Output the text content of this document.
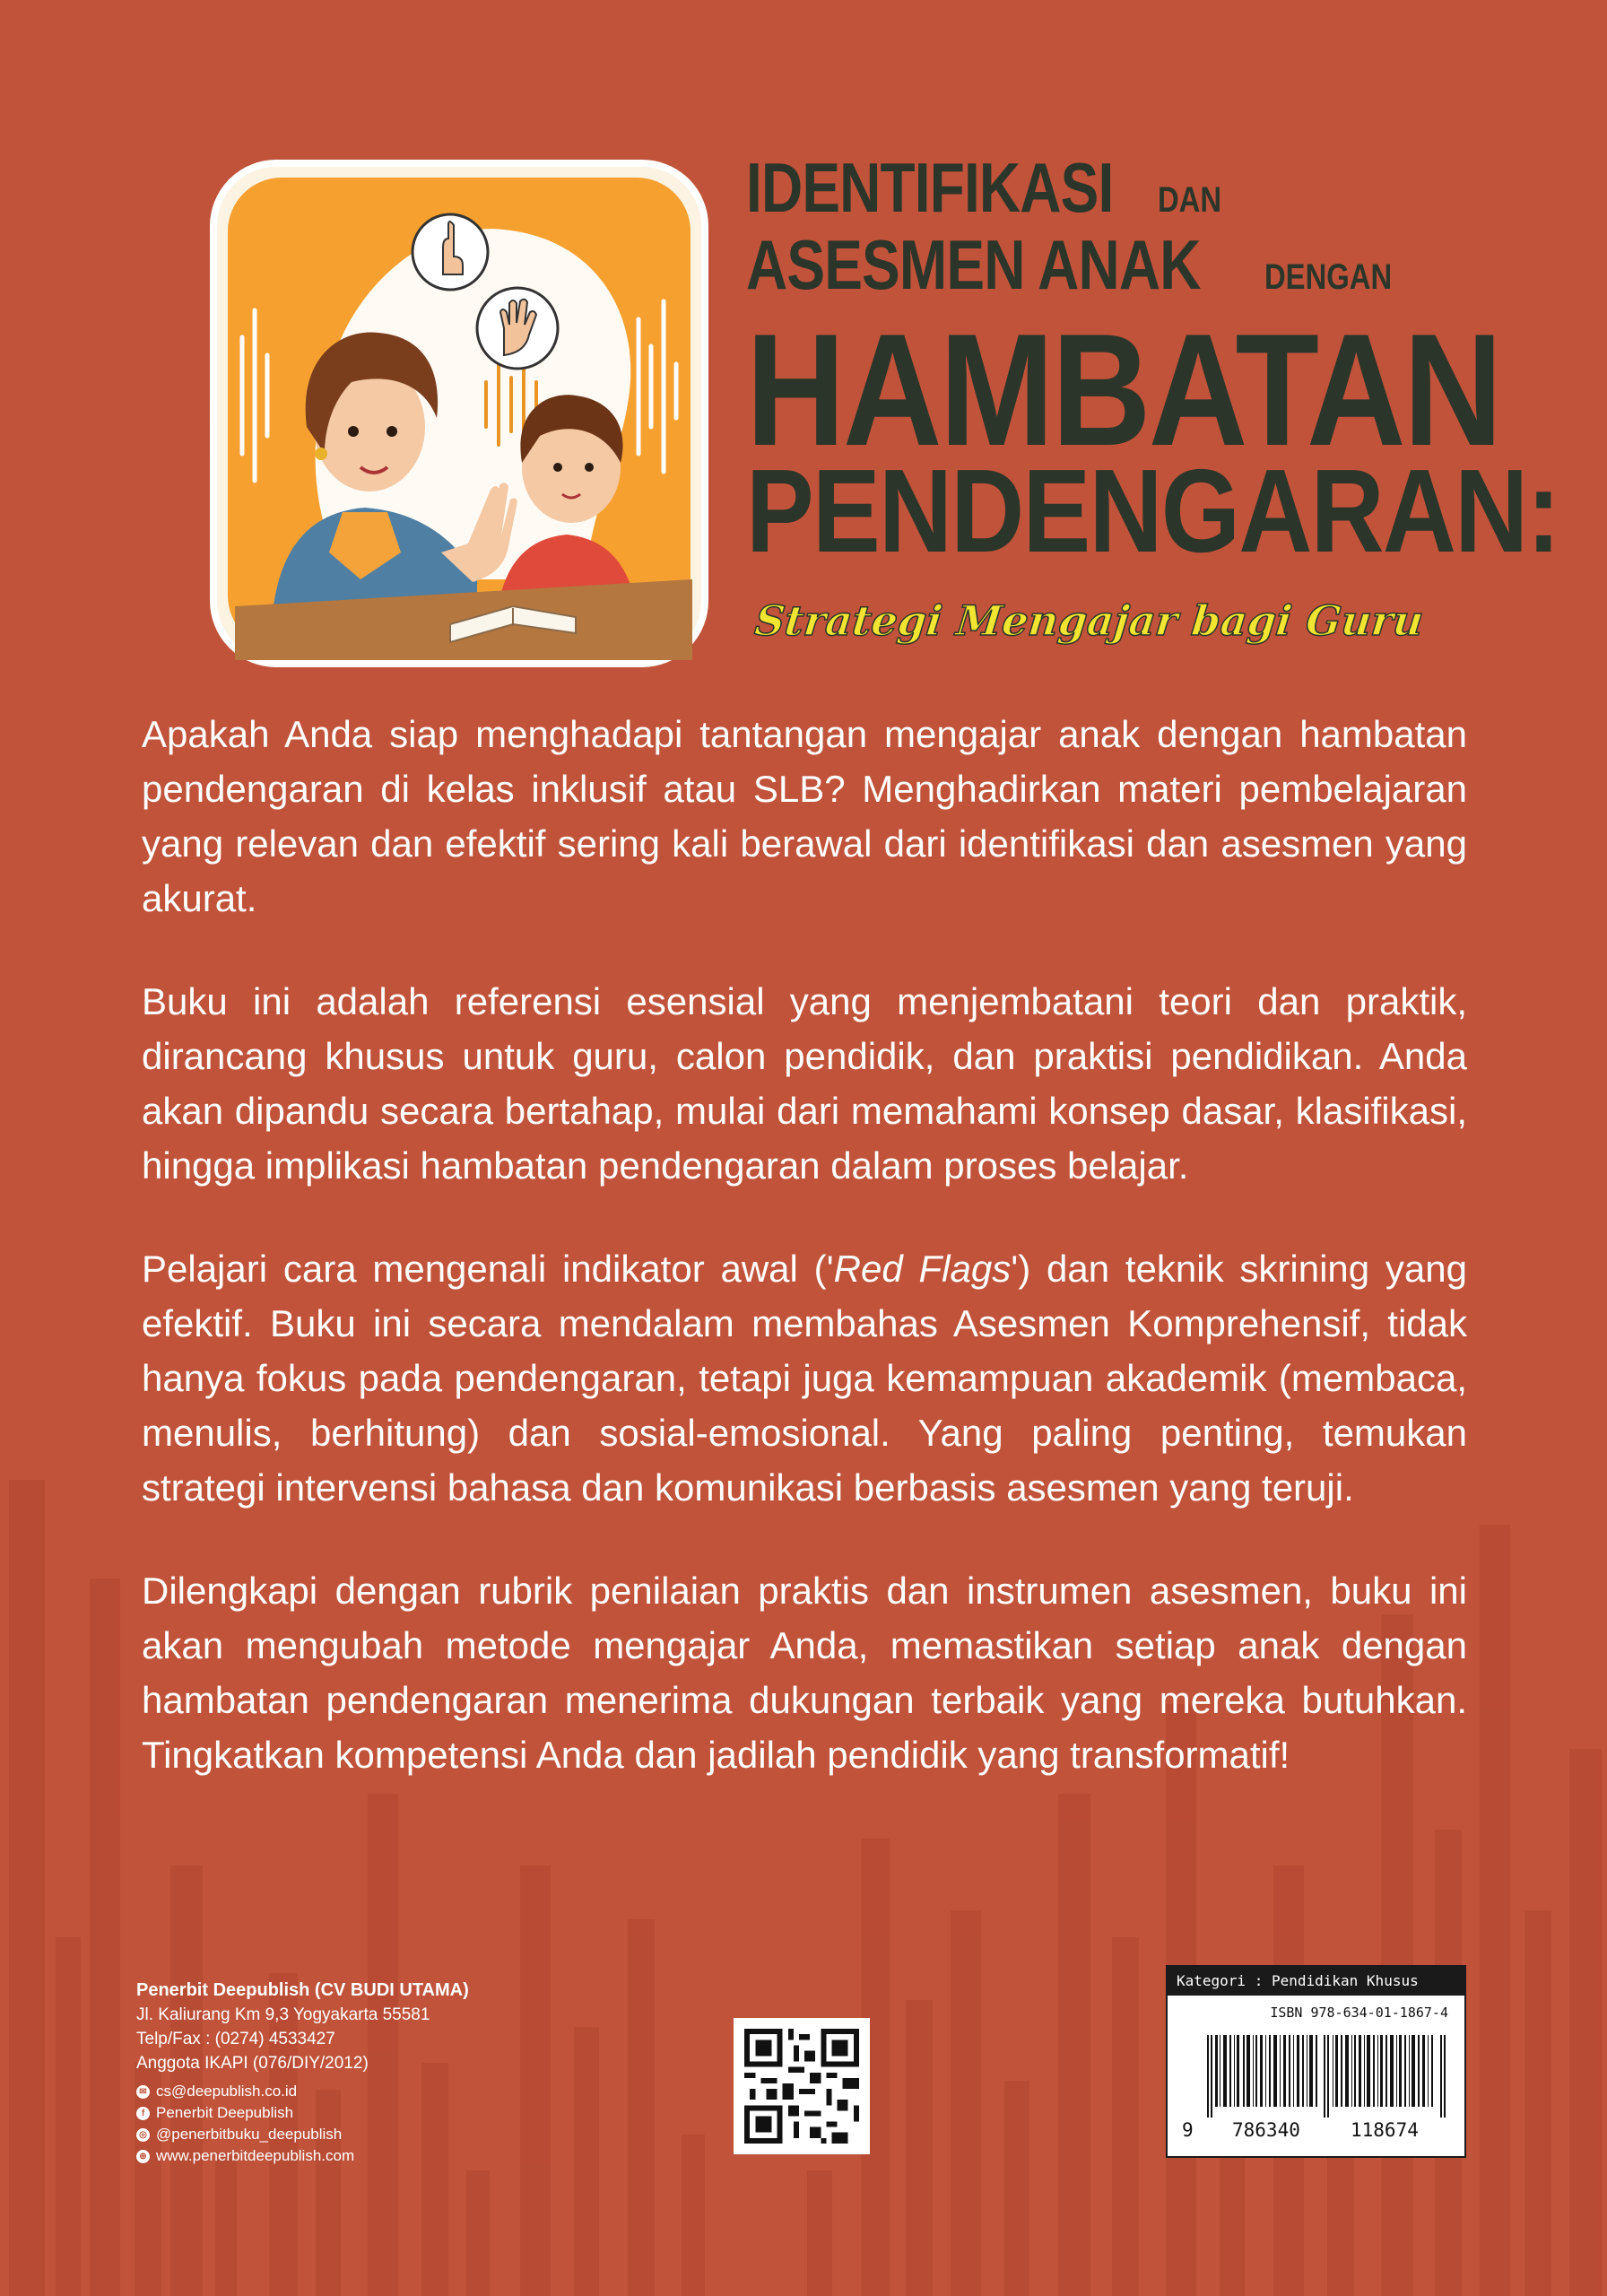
IDENTIFIKASI DAN
ASESMEN ANAK DENGAN
HAMBATAN
PENDENGARAN:
Strategi Mengajar bagi Guru

Apakah Anda siap menghadapi tantangan mengajar anak dengan hambatan pendengaran di kelas inklusif atau SLB? Menghadirkan materi pembelajaran yang relevan dan efektif sering kali berawal dari identifikasi dan asesmen yang akurat.

Buku ini adalah referensi esensial yang menjembatani teori dan praktik, dirancang khusus untuk guru, calon pendidik, dan praktisi pendidikan. Anda akan dipandu secara bertahap, mulai dari memahami konsep dasar, klasifikasi, hingga implikasi hambatan pendengaran dalam proses belajar.

Pelajari cara mengenali indikator awal ('Red Flags') dan teknik skrining yang efektif. Buku ini secara mendalam membahas Asesmen Komprehensif, tidak hanya fokus pada pendengaran, tetapi juga kemampuan akademik (membaca, menulis, berhitung) dan sosial-emosional. Yang paling penting, temukan strategi intervensi bahasa dan komunikasi berbasis asesmen yang teruji.

Dilengkapi dengan rubrik penilaian praktis dan instrumen asesmen, buku ini akan mengubah metode mengajar Anda, memastikan setiap anak dengan hambatan pendengaran menerima dukungan terbaik yang mereka butuhkan. Tingkatkan kompetensi Anda dan jadilah pendidik yang transformatif!

Penerbit Deepublish (CV BUDI UTAMA)
Jl. Kaliurang Km 9,3 Yogyakarta 55581
Telp/Fax : (0274) 4533427
Anggota IKAPI (076/DIY/2012)
✉ cs@deepublish.co.id
f Penerbit Deepublish
◎ @penerbitbuku_deepublish
⊕ www.penerbitdeepublish.com
Kategori : Pendidikan Khusus
ISBN 978-634-01-1867-4
9 786340	118674
